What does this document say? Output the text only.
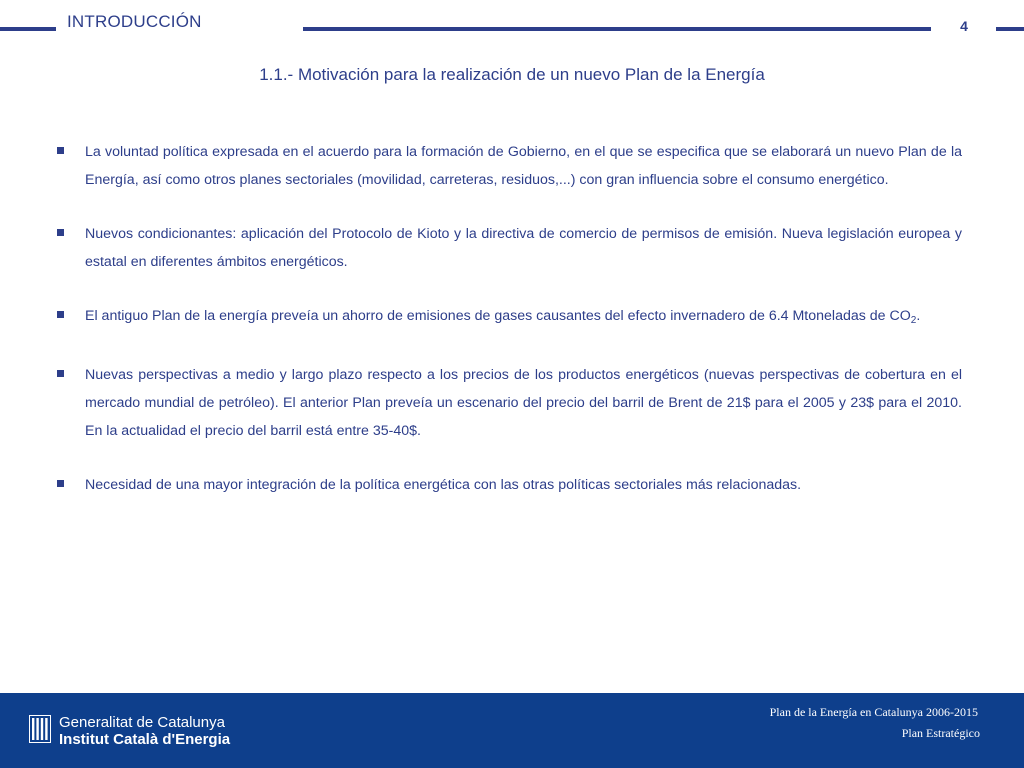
INTRODUCCIÓN	4
1.1.- Motivación para la realización de un nuevo Plan de la Energía
La voluntad política expresada en el acuerdo para la formación de Gobierno, en el que se especifica que se elaborará un nuevo Plan de la Energía, así como otros planes sectoriales (movilidad, carreteras, residuos,...) con gran influencia sobre el consumo energético.
Nuevos condicionantes: aplicación del Protocolo de Kioto y la directiva de comercio de permisos de emisión. Nueva legislación europea y estatal en diferentes ámbitos energéticos.
El antiguo Plan de la energía preveía un ahorro de emisiones de gases causantes del efecto invernadero de 6.4 Mtoneladas de $CO_2$.
Nuevas perspectivas a medio y largo plazo respecto a los precios de los productos energéticos (nuevas perspectivas de cobertura en el mercado mundial de petróleo). El anterior Plan preveía un escenario del precio del barril de Brent de 21$ para el 2005 y 23$ para el 2010. En la actualidad el precio del barril está entre 35-40$.
Necesidad de una mayor integración de la política energética con las otras políticas sectoriales más relacionadas.
Generalitat de Catalunya
Institut Català d'Energia
Plan de la Energía en Catalunya 2006-2015
Plan Estratégico
